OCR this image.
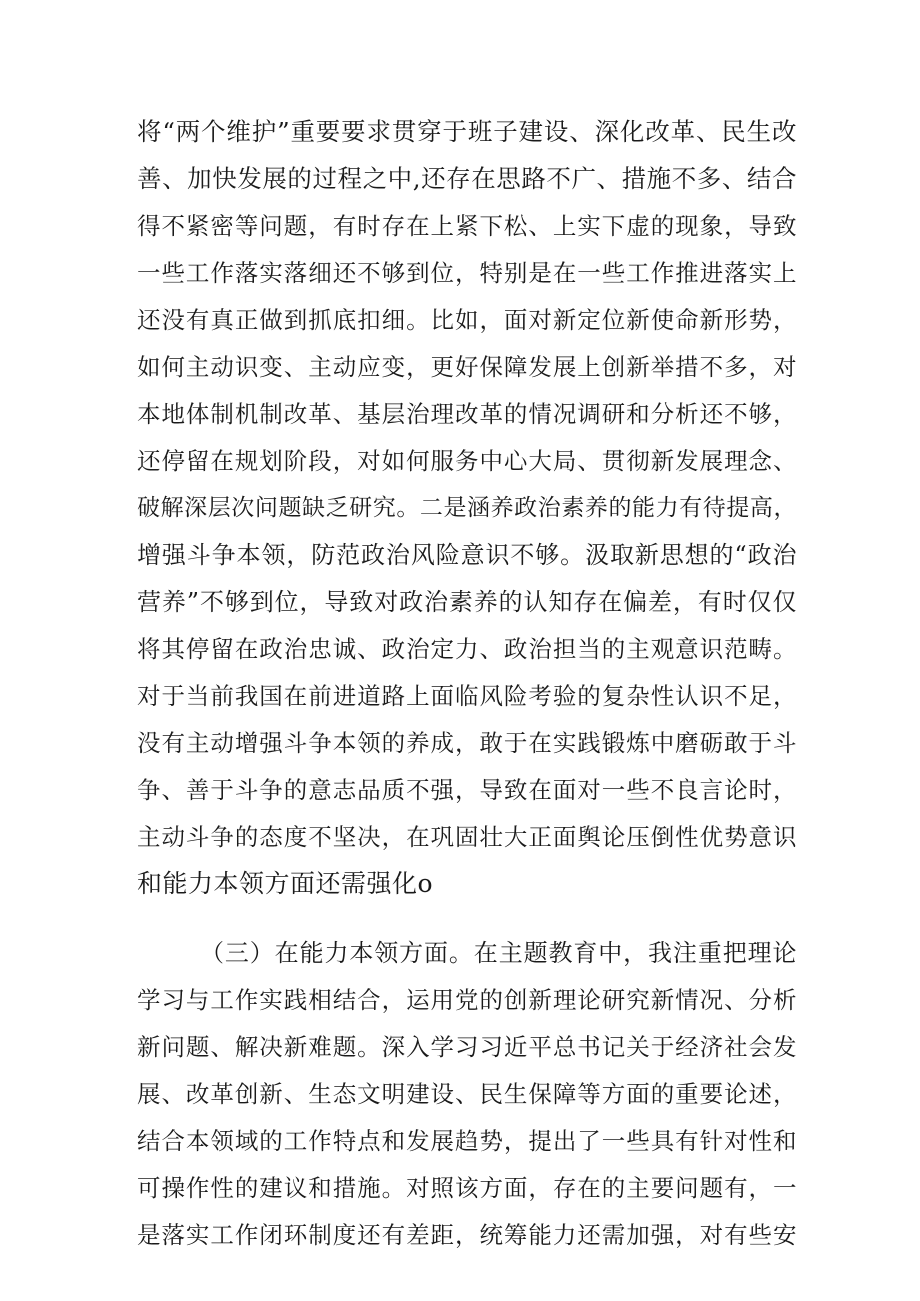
将“两个维护”重要要求贯穿于班子建设、深化改革、民生改
善、加快发展的过程之中,还存在思路不广、措施不多、结合
得不紧密等问题，有时存在上紧下松、上实下虚的现象，导致
一些工作落实落细还不够到位，特别是在一些工作推进落实上
还没有真正做到抓底扣细。比如，面对新定位新使命新形势，
如何主动识变、主动应变，更好保障发展上创新举措不多，对
本地体制机制改革、基层治理改革的情况调研和分析还不够，
还停留在规划阶段，对如何服务中心大局、贯彻新发展理念、
破解深层次问题缺乏研究。二是涵养政治素养的能力有待提高，
增强斗争本领，防范政治风险意识不够。汲取新思想的“政治
营养”不够到位，导致对政治素养的认知存在偏差，有时仅仅
将其停留在政治忠诚、政治定力、政治担当的主观意识范畴。
对于当前我国在前进道路上面临风险考验的复杂性认识不足，
没有主动增强斗争本领的养成，敢于在实践锻炼中磨砺敢于斗
争、善于斗争的意志品质不强，导致在面对一些不良言论时，
主动斗争的态度不坚决，在巩固壮大正面舆论压倒性优势意识
和能力本领方面还需强化o
（三）在能力本领方面。在主题教育中，我注重把理论
学习与工作实践相结合，运用党的创新理论研究新情况、分析
新问题、解决新难题。深入学习习近平总书记关于经济社会发
展、改革创新、生态文明建设、民生保障等方面的重要论述，
结合本领域的工作特点和发展趋势，提出了一些具有针对性和
可操作性的建议和措施。对照该方面，存在的主要问题有，一
是落实工作闭环制度还有差距，统筹能力还需加强，对有些安
